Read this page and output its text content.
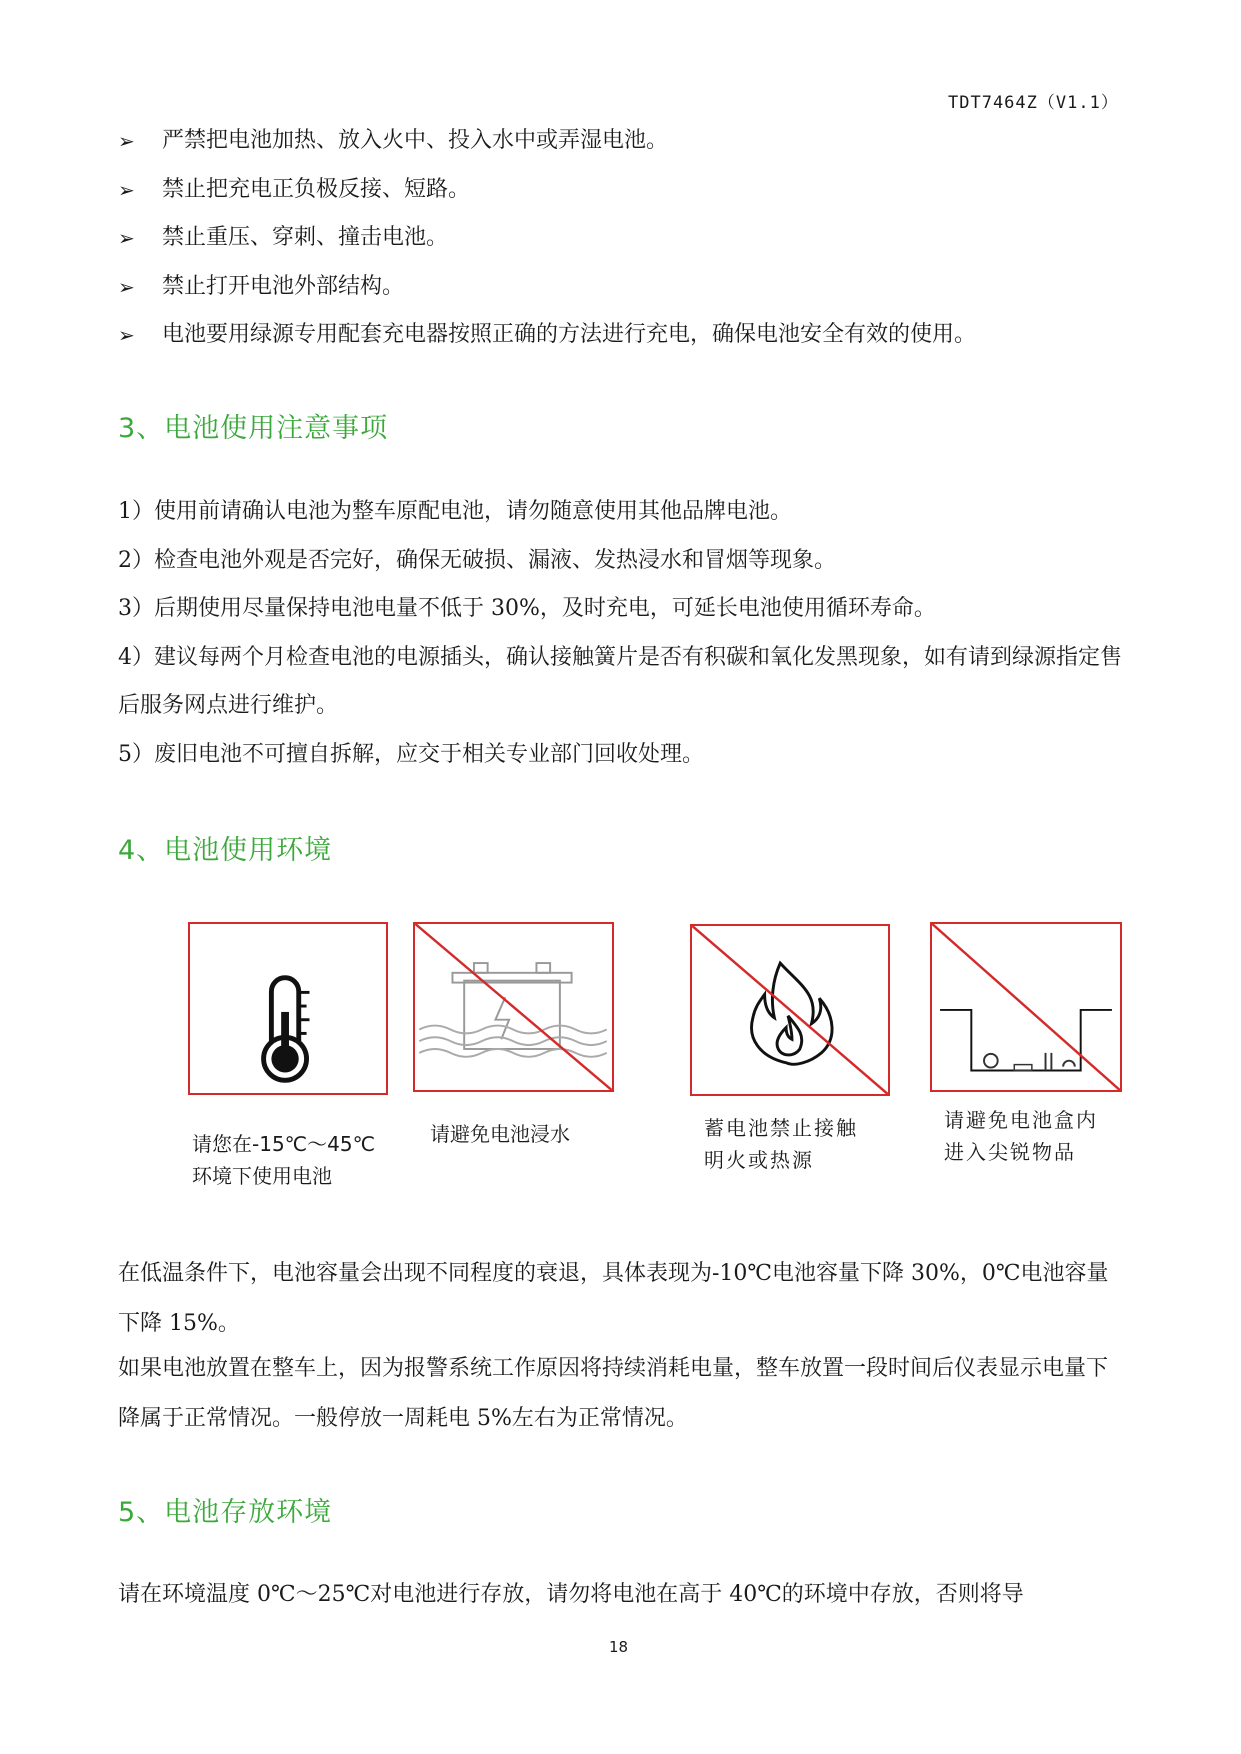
TDT7464Z（V1.1）
➢	严禁把电池加热、放入火中、投入水中或弄湿电池。
➢	禁止把充电正负极反接、短路。
➢	禁止重压、穿刺、撞击电池。
➢	禁止打开电池外部结构。
➢	电池要用绿源专用配套充电器按照正确的方法进行充电，确保电池安全有效的使用。
3、电池使用注意事项
1）使用前请确认电池为整车原配电池，请勿随意使用其他品牌电池。
2）检查电池外观是否完好，确保无破损、漏液、发热浸水和冒烟等现象。
3）后期使用尽量保持电池电量不低于 30%，及时充电，可延长电池使用循环寿命。
4）建议每两个月检查电池的电源插头，确认接触簧片是否有积碳和氧化发黑现象，如有请到绿源指定售后服务网点进行维护。
5）废旧电池不可擅自拆解，应交于相关专业部门回收处理。
4、电池使用环境
请您在-15℃～45℃
环境下使用电池
请避免电池浸水	蓄电池禁止接触
明火或热源
请避免电池盒内
进入尖锐物品

在低温条件下，电池容量会出现不同程度的衰退，具体表现为-10℃电池容量下降 30%，0℃电池容量下降 15%。

如果电池放置在整车上，因为报警系统工作原因将持续消耗电量，整车放置一段时间后仪表显示电量下降属于正常情况。一般停放一周耗电 5%左右为正常情况。

5、电池存放环境

请在环境温度 0℃～25℃对电池进行存放，请勿将电池在高于 40℃的环境中存放，否则将导

18
